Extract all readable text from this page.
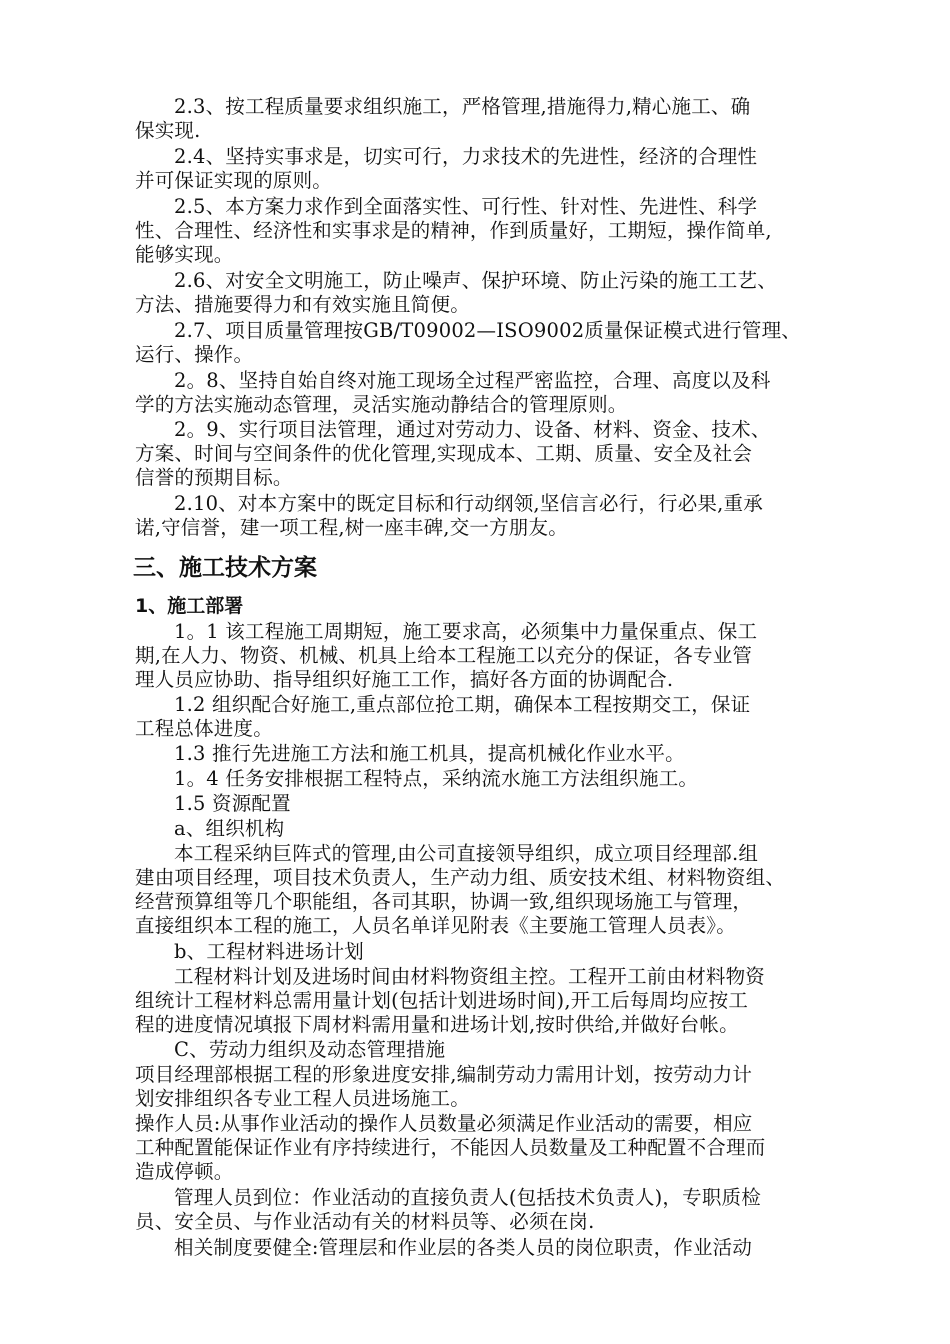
2.3、按工程质量要求组织施工，严格管理,措施得力,精心施工、确
保实现.
2.4、坚持实事求是，切实可行，力求技术的先进性，经济的合理性
并可保证实现的原则。
2.5、本方案力求作到全面落实性、可行性、针对性、先进性、科学
性、合理性、经济性和实事求是的精神，作到质量好，工期短，操作简单,
能够实现。
2.6、对安全文明施工，防止噪声、保护环境、防止污染的施工工艺、
方法、措施要得力和有效实施且简便。
2.7、项目质量管理按GB/T09002—ISO9002质量保证模式进行管理、
运行、操作。
2。8、坚持自始自终对施工现场全过程严密监控，合理、高度以及科
学的方法实施动态管理，灵活实施动静结合的管理原则。
2。9、实行项目法管理，通过对劳动力、设备、材料、资金、技术、
方案、时间与空间条件的优化管理,实现成本、工期、质量、安全及社会
信誉的预期目标。
2.10、对本方案中的既定目标和行动纲领,坚信言必行，行必果,重承
诺,守信誉，建一项工程,树一座丰碑,交一方朋友。
三、施工技术方案
1、施工部署
1。1 该工程施工周期短，施工要求高，必须集中力量保重点、保工
期,在人力、物资、机械、机具上给本工程施工以充分的保证，各专业管
理人员应协助、指导组织好施工工作，搞好各方面的协调配合.
1.2 组织配合好施工,重点部位抢工期，确保本工程按期交工，保证
工程总体进度。
1.3 推行先进施工方法和施工机具，提高机械化作业水平。
1。4 任务安排根据工程特点，采纳流水施工方法组织施工。
1.5 资源配置
a、组织机构
本工程采纳巨阵式的管理,由公司直接领导组织，成立项目经理部.组
建由项目经理，项目技术负责人，生产动力组、质安技术组、材料物资组、
经营预算组等几个职能组，各司其职，协调一致,组织现场施工与管理，
直接组织本工程的施工，人员名单详见附表《主要施工管理人员表》。
b、工程材料进场计划
工程材料计划及进场时间由材料物资组主控。工程开工前由材料物资
组统计工程材料总需用量计划(包括计划进场时间),开工后每周均应按工
程的进度情况填报下周材料需用量和进场计划,按时供给,并做好台帐。
C、劳动力组织及动态管理措施
项目经理部根据工程的形象进度安排,编制劳动力需用计划，按劳动力计
划安排组织各专业工程人员进场施工。
操作人员:从事作业活动的操作人员数量必须满足作业活动的需要，相应
工种配置能保证作业有序持续进行，不能因人员数量及工种配置不合理而
造成停顿。
管理人员到位：作业活动的直接负责人(包括技术负责人)，专职质检
员、安全员、与作业活动有关的材料员等、必须在岗.
相关制度要健全:管理层和作业层的各类人员的岗位职责，作业活动
